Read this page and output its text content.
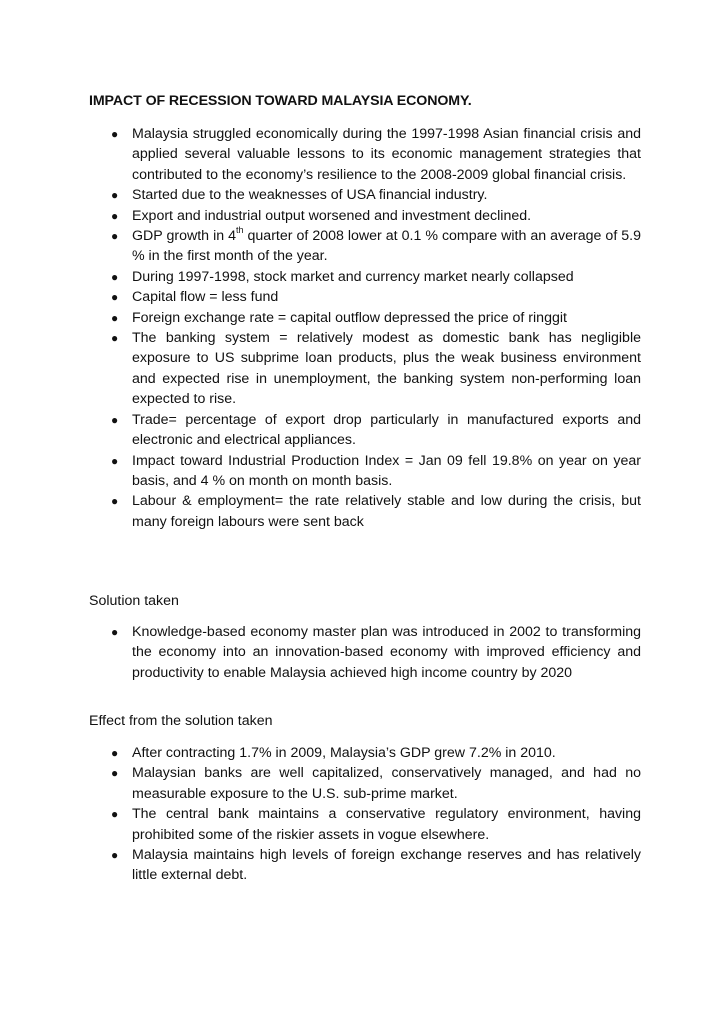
IMPACT OF RECESSION TOWARD MALAYSIA ECONOMY.
● Malaysia struggled economically during the 1997-1998 Asian financial crisis and applied several valuable lessons to its economic management strategies that contributed to the economy’s resilience to the 2008-2009 global financial crisis.
● Started due to the weaknesses of USA financial industry.
● Export and industrial output worsened and investment declined.
● GDP growth in 4th quarter of 2008 lower at 0.1 % compare with an average of 5.9 % in the first month of the year.
● During 1997-1998, stock market and currency market nearly collapsed
● Capital flow = less fund
● Foreign exchange rate = capital outflow depressed the price of ringgit
● The banking system = relatively modest as domestic bank has negligible exposure to US subprime loan products, plus the weak business environment and expected rise in unemployment, the banking system non-performing loan expected to rise.
● Trade= percentage of export drop particularly in manufactured exports and electronic and electrical appliances.
● Impact toward Industrial Production Index = Jan 09 fell 19.8% on year on year basis, and 4 % on month on month basis.
● Labour & employment= the rate relatively stable and low during the crisis, but many foreign labours were sent back
Solution taken
● Knowledge-based economy master plan was introduced in 2002 to transforming the economy into an innovation-based economy with improved efficiency and productivity to enable Malaysia achieved high income country by 2020
Effect from the solution taken
● After contracting 1.7% in 2009, Malaysia’s GDP grew 7.2% in 2010.
● Malaysian banks are well capitalized, conservatively managed, and had no measurable exposure to the U.S. sub-prime market.
● The central bank maintains a conservative regulatory environment, having prohibited some of the riskier assets in vogue elsewhere.
● Malaysia maintains high levels of foreign exchange reserves and has relatively little external debt.
